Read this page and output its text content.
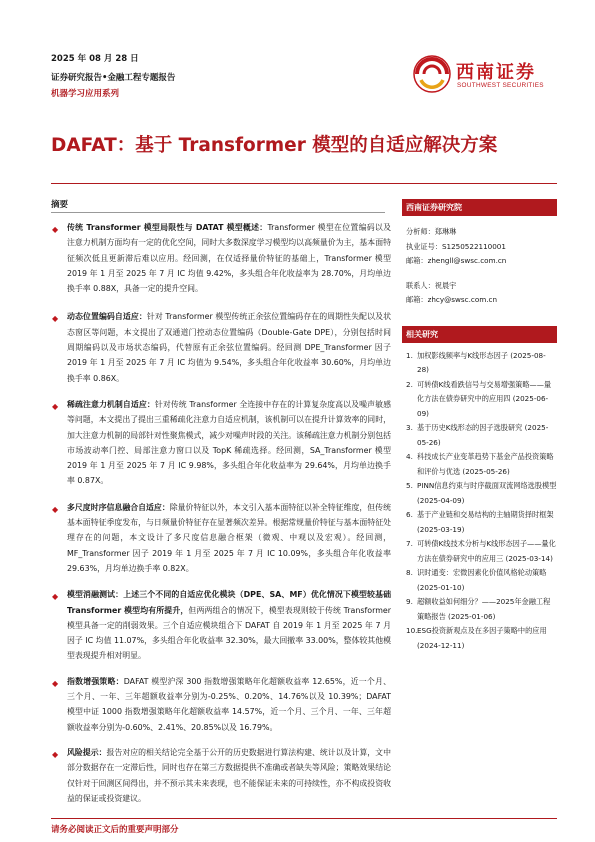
2025 年 08 月 28 日
证券研究报告•金融工程专题报告
机器学习应用系列
西南证券
SOUTHWEST SECURITIES
DAFAT：基于 Transformer 模型的自适应解决方案
摘要
◆ 传统 Transformer 模型局限性与 DATAT 模型概述：Transformer 模型在位置编码以及注意力机制方面均有一定的优化空间，同时大多数深度学习模型均以高频量价为主，基本面特征频次低且更新滞后难以应用。经回测，在仅适择量价特征的基础上，Transformer 模型 2019 年 1 月至 2025 年 7 月 IC 均值 9.42%，多头组合年化收益率为 28.70%，月均单边换手率 0.88X，具备一定的提升空间。
◆ 动态位置编码自适应：针对 Transformer 模型传统正余弦位置编码存在的周期性失配以及状态窗区等问题，本文提出了双通道门控动态位置编码（Double-Gate DPE），分别包括时间周期编码以及市场状态编码，代替原有正余弦位置编码。经回测 DPE_Transformer 因子 2019 年 1 月至 2025 年 7 月 IC 均值为 9.54%，多头组合年化收益率 30.60%，月均单边换手率 0.86X。
◆ 稀疏注意力机制自适应：针对传统 Transformer 全连接中存在的计算复杂度高以及噪声敏感等问题，本文提出了提出三重稀疏化注意力自适应机制，该机制可以在提升计算效率的同时，加大注意力机制的局部针对性聚焦模式，减少对噪声时段的关注。该稀疏注意力机制分别包括市场波动率门控、局部注意力窗口以及 TopK 稀疏选择。经回测，SA_Transformer 模型 2019 年 1 月至 2025 年 7 月 IC 9.98%，多头组合年化收益率为 29.64%，月均单边换手率 0.87X。
◆ 多尺度时序信息融合自适应：除量价特征以外，本文引入基本面特征以补全特征维度，但传统基本面特征季度发布，与日频量价特征存在显著频次差异。根据常规量价特征与基本面特征处理存在的问题，本文设计了多尺度信息融合框架（微观、中观以及宏观）。经回测，MF_Transformer 因子 2019 年 1 月至 2025 年 7 月 IC 10.09%，多头组合年化收益率 29.63%，月均单边换手率 0.82X。
◆ 模型消融测试：上述三个不同的自适应优化模块（DPE、SA、MF）优化情况下模型较基础 Transformer 模型均有所提升，但两两组合的情况下，模型表现则较于传统 Transformer 模型具备一定的削弱效果。三个自适应模块组合下 DAFAT 自 2019 年 1 月至 2025 年 7 月因子 IC 均值 11.07%，多头组合年化收益率 32.30%，最大回撤率 33.00%，整体较其他模型表现提升相对明显。
◆ 指数增强策略：DAFAT 模型沪深 300 指数增强策略年化超额收益率 12.65%，近一个月、三个月、一年、三年超额收益率分别为-0.25%、0.20%、14.76%以及 10.39%；DAFAT 模型中证 1000 指数增强策略年化超额收益率 14.57%，近一个月、三个月、一年、三年超额收益率分别为-0.60%、2.41%、20.85%以及 16.79%。
◆ 风险提示：报告对应的相关结论完全基于公开的历史数据进行算法构建、统计以及计算，文中部分数据存在一定滞后性，同时也存在第三方数据提供不准确或者缺失等风险；策略效果结论仅针对于回测区间得出，并不预示其未来表现，也不能保证未来的可持续性，亦不构成投资收益的保证或投资建议。
西南证券研究院
分析师：郑琳琳
执业证号：S1250522110001
邮箱：zhengll@swsc.com.cn
联系人：祝晨宇
邮箱：zhcy@swsc.com.cn
相关研究
1. 加权影线频率与K线形态因子 (2025-08-28)
2. 可转债K线看跌信号与交易增强策略——量化方法在债券研究中的应用四 (2025-06-09)
3. 基于历史K线形态的因子选股研究 (2025-05-26)
4. 科技成长产业变革趋势下基金产品投资策略和评价与优选 (2025-05-26)
5. PINN信息约束与时序截面双流网络选股模型 (2025-04-09)
6. 基于产业链和交易结构的主轴期货择时框架 (2025-03-19)
7. 可转债K线技术分析与K线形态因子——量化方法在债券研究中的应用三 (2025-03-14)
8. 识时通变：宏微因素化价值风格轮动策略 (2025-01-10)
9. 超额收益如何细分？——2025年金融工程策略报告 (2025-01-06)
10. ESG投资新观点及在多因子策略中的应用 (2024-12-11)
请务必阅读正文后的重要声明部分
